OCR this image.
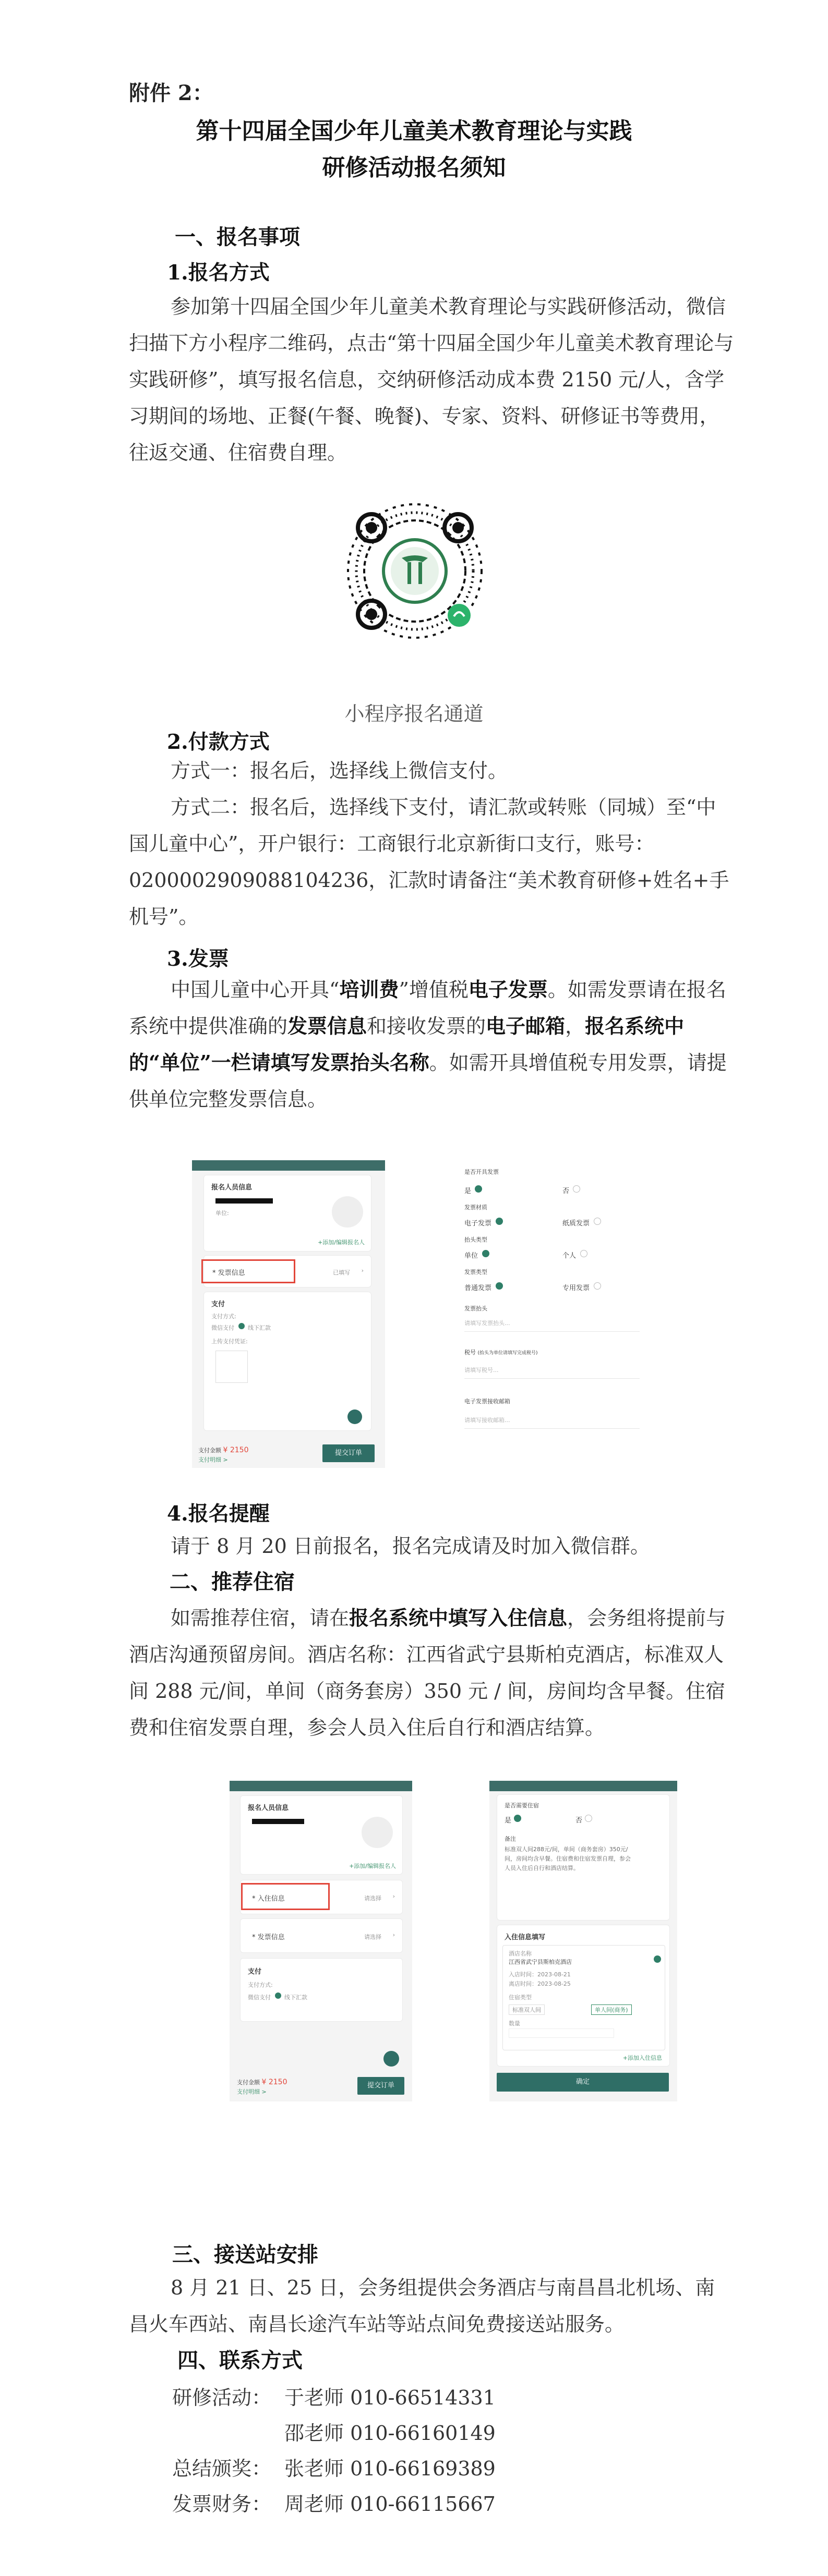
附件 2：
第十四届全国少年儿童美术教育理论与实践
研修活动报名须知
一、报名事项
1.报名方式
参加第十四届全国少年儿童美术教育理论与实践研修活动，微信扫描下方小程序二维码，点击“第十四届全国少年儿童美术教育理论与实践研修”，填写报名信息，交纳研修活动成本费 2150 元/人，含学习期间的场地、正餐(午餐、晚餐)、专家、资料、研修证书等费用，往返交通、住宿费自理。
小程序报名通道
2.付款方式
方式一：报名后，选择线上微信支付。
方式二：报名后，选择线下支付，请汇款或转账（同城）至“中国儿童中心”，开户银行：工商银行北京新街口支行，账号：0200002909088104236，汇款时请备注“美术教育研修+姓名+手机号”。
3.发票
中国儿童中心开具“培训费”增值税电子发票。如需发票请在报名系统中提供准确的发票信息和接收发票的电子邮箱，报名系统中的“单位”一栏请填写发票抬头名称。如需开具增值税专用发票，请提供单位完整发票信息。
报名人员信息
单位:
+添加/编辑报名人
* 发票信息	已填写 ›
支付
支付方式:
微信支付 线下汇款
上传支付凭证:
支付金额 ¥ 2150
支付明细 >
提交订单
是否开具发票
是	否
发票材质
电子发票	纸质发票
抬头类型
单位	个人
发票类型
普通发票	专用发票
发票抬头
请填写发票抬头...
税号 (抬头为单位请填写完成税号)
请填写税号...
电子发票接收邮箱
请填写接收邮箱...
4.报名提醒
请于 8 月 20 日前报名，报名完成请及时加入微信群。
二、推荐住宿
如需推荐住宿，请在报名系统中填写入住信息，会务组将提前与酒店沟通预留房间。酒店名称：江西省武宁县斯柏克酒店，标准双人间 288 元/间，单间（商务套房）350 元 / 间，房间均含早餐。住宿费和住宿发票自理，参会人员入住后自行和酒店结算。
报名人员信息
+添加/编辑报名人
* 入住信息	请选择 ›
* 发票信息	请选择 ›
支付
支付方式:
微信支付 线下汇款
支付金额 ¥ 2150
支付明细 >
提交订单
是否需要住宿
是	否
备注
标准双人间288元/间，单间（商务套房）350元/间，房间均含早餐。住宿费和住宿发票自理，参会人员入住后自行和酒店结算。
入住信息填写
酒店名称
江西省武宁县斯柏克酒店
入店时间：2023-08-21
离店时间：2023-08-25
住宿类型
标准双人间	单人间(商务)
数量
+添加入住信息
确定
三、接送站安排
8 月 21 日、25 日，会务组提供会务酒店与南昌昌北机场、南昌火车西站、南昌长途汽车站等站点间免费接送站服务。
四、联系方式
研修活动： 于老师 010-66514331
邵老师 010-66160149
总结颁奖： 张老师 010-66169389
发票财务： 周老师 010-66115667
